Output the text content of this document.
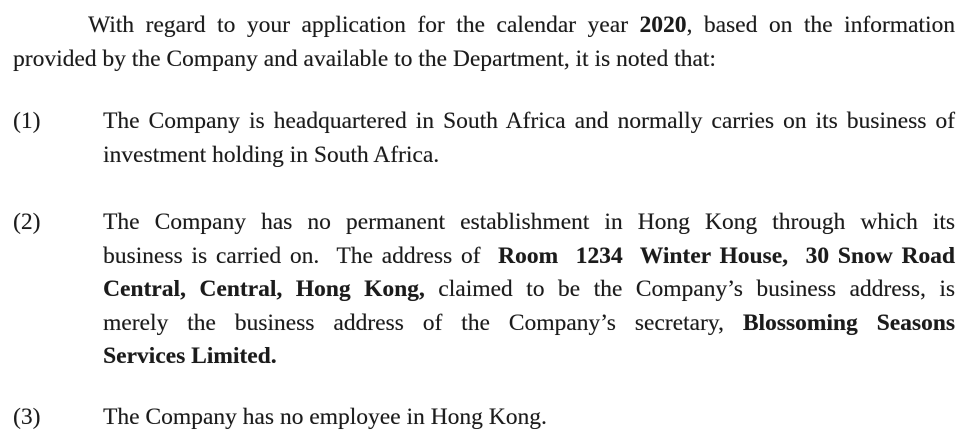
With regard to your application for the calendar year 2020, based on the information
provided by the Company and available to the Department, it is noted that:
(1)	The Company is headquartered in South Africa and normally carries on its business of
investment holding in South Africa.
(2)	The Company has no permanent establishment in Hong Kong through which its
business is carried on.  The address of  Room  1234  Winter House,  30 Snow Road
Central, Central, Hong Kong, claimed to be the Company’s business address, is
merely the business address of the Company’s secretary, Blossoming Seasons
Services Limited.
(3)	The Company has no employee in Hong Kong.
